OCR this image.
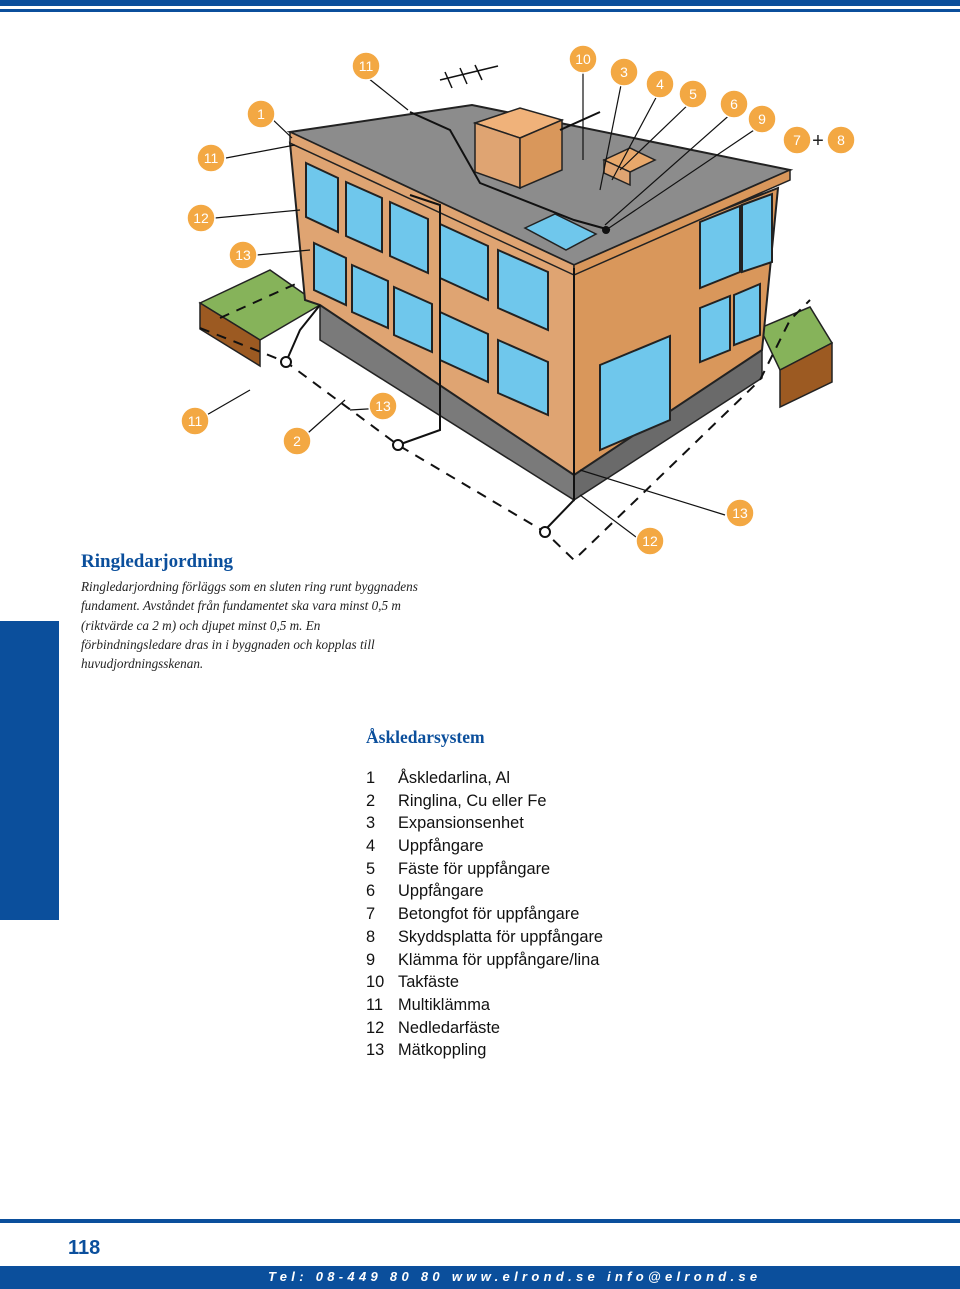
11	10
3
4
5
6
9
1
7 + 8
11
12
13
11
13
2
12
13
Ringledarjordning

Ringledarjordning förläggs som en sluten ring runt byggnadens fundament. Avståndet från fundamentet ska vara minst 0,5 m (riktvärde ca 2 m) och djupet minst 0,5 m. En förbindningsledare dras in i byggnaden och kopplas till huvudjordningsskenan.

Åskledarsystem
1 Åskledarlina, Al
2 Ringlina, Cu eller Fe
3 Expansionsenhet
4 Uppfångare
5 Fäste för uppfångare
6 Uppfångare
7 Betongfot för uppfångare
8 Skyddsplatta för uppfångare
9 Klämma för uppfångare/lina
10 Takfäste
11 Multiklämma
12 Nedledarfäste
13 Mätkoppling
118
Tel: 08-449 80 80 www.elrond.se info@elrond.se
